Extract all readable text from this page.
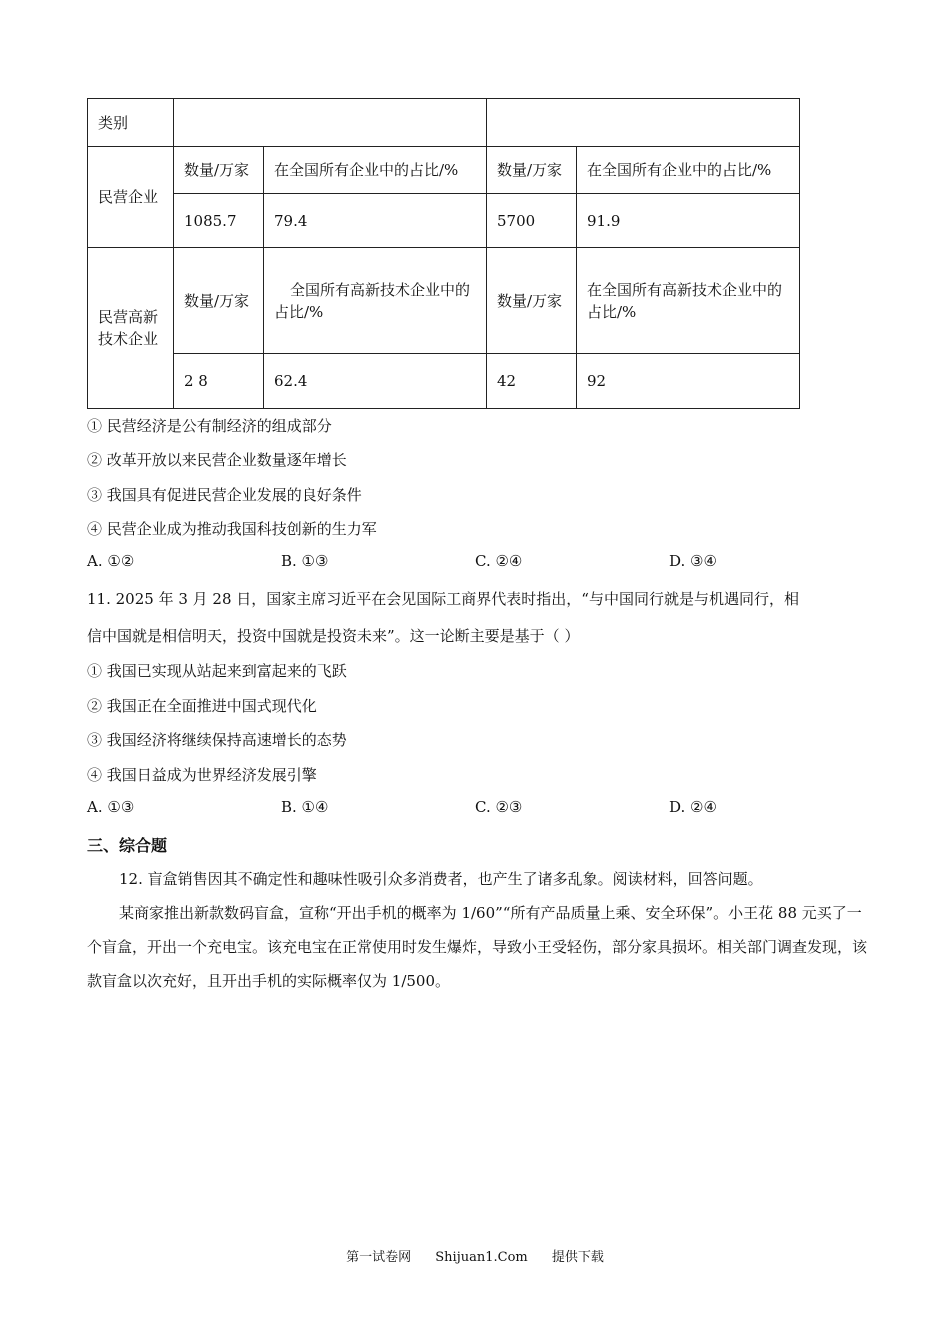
类别				
民营企业	数量/万家	在全国所有企业中的占比/%	数量/万家	在全国所有企业中的占比/%
	1085.7	79.4	5700	91.9
民营高新技术企业	数量/万家	全国所有高新技术企业中的占比/%	数量/万家	在全国所有高新技术企业中的占比/%
	2 8	62.4	42	92
① 民营经济是公有制经济的组成部分
② 改革开放以来民营企业数量逐年增长
③ 我国具有促进民营企业发展的良好条件
④ 民营企业成为推动我国科技创新的生力军
A. ①②	B. ①③	C. ②④	D. ③④
11. 2025 年 3 月 28 日，国家主席习近平在会见国际工商界代表时指出，“与中国同行就是与机遇同行，相
信中国就是相信明天，投资中国就是投资未来”。这一论断主要是基于（ ）
① 我国已实现从站起来到富起来的飞跃
② 我国正在全面推进中国式现代化
③ 我国经济将继续保持高速增长的态势
④ 我国日益成为世界经济发展引擎
A. ①③	B. ①④	C. ②③	D. ②④
三、综合题

12. 盲盒销售因其不确定性和趣味性吸引众多消费者，也产生了诸多乱象。阅读材料，回答问题。

某商家推出新款数码盲盒，宣称“开出手机的概率为 1/60”“所有产品质量上乘、安全环保”。小王花 88 元买了一个盲盒，开出一个充电宝。该充电宝在正常使用时发生爆炸，导致小王受轻伤，部分家具损坏。相关部门调查发现，该款盲盒以次充好，且开出手机的实际概率仅为 1/500。

第一试卷网 Shijuan1.Com 提供下载
